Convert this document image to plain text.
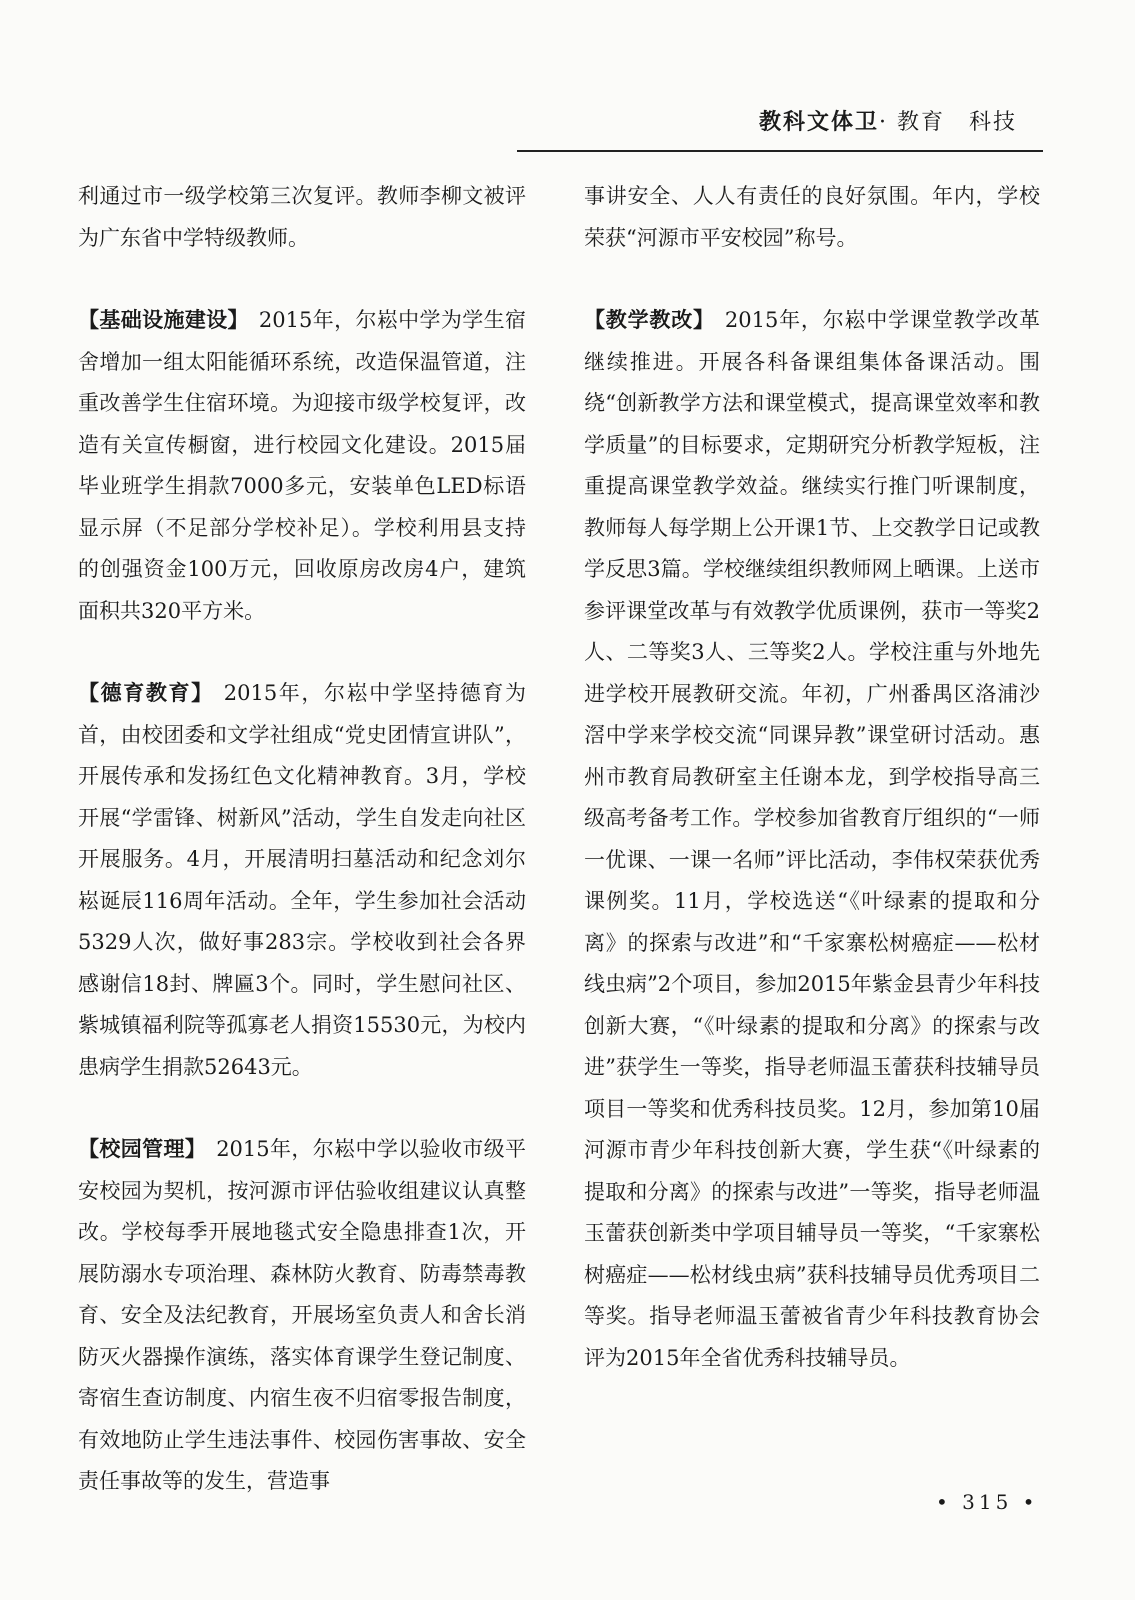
教科文体卫· 教育　科技

利通过市一级学校第三次复评。教师李柳文被评为广东省中学特级教师。

【基础设施建设】 2015年，尔崧中学为学生宿舍增加一组太阳能循环系统，改造保温管道，注重改善学生住宿环境。为迎接市级学校复评，改造有关宣传橱窗，进行校园文化建设。2015届毕业班学生捐款7000多元，安装单色LED标语显示屏（不足部分学校补足）。学校利用县支持的创强资金100万元，回收原房改房4户，建筑面积共320平方米。

【德育教育】 2015年，尔崧中学坚持德育为首，由校团委和文学社组成“党史团情宣讲队”，开展传承和发扬红色文化精神教育。3月，学校开展“学雷锋、树新风”活动，学生自发走向社区开展服务。4月，开展清明扫墓活动和纪念刘尔崧诞辰116周年活动。全年，学生参加社会活动5329人次，做好事283宗。学校收到社会各界感谢信18封、牌匾3个。同时，学生慰问社区、紫城镇福利院等孤寡老人捐资15530元，为校内患病学生捐款52643元。

【校园管理】 2015年，尔崧中学以验收市级平安校园为契机，按河源市评估验收组建议认真整改。学校每季开展地毯式安全隐患排查1次，开展防溺水专项治理、森林防火教育、防毒禁毒教育、安全及法纪教育，开展场室负责人和舍长消防灭火器操作演练，落实体育课学生登记制度、寄宿生查访制度、内宿生夜不归宿零报告制度，有效地防止学生违法事件、校园伤害事故、安全责任事故等的发生，营造事

事讲安全、人人有责任的良好氛围。年内，学校荣获“河源市平安校园”称号。

【教学教改】 2015年，尔崧中学课堂教学改革继续推进。开展各科备课组集体备课活动。围绕“创新教学方法和课堂模式，提高课堂效率和教学质量”的目标要求，定期研究分析教学短板，注重提高课堂教学效益。继续实行推门听课制度，教师每人每学期上公开课1节、上交教学日记或教学反思3篇。学校继续组织教师网上晒课。上送市参评课堂改革与有效教学优质课例，获市一等奖2人、二等奖3人、三等奖2人。学校注重与外地先进学校开展教研交流。年初，广州番禺区洛浦沙滘中学来学校交流“同课异教”课堂研讨活动。惠州市教育局教研室主任谢本龙，到学校指导高三级高考备考工作。学校参加省教育厅组织的“一师一优课、一课一名师”评比活动，李伟权荣获优秀课例奖。11月，学校选送“《叶绿素的提取和分离》的探索与改进”和“千家寨松树癌症——松材线虫病”2个项目，参加2015年紫金县青少年科技创新大赛，“《叶绿素的提取和分离》的探索与改进”获学生一等奖，指导老师温玉蕾获科技辅导员项目一等奖和优秀科技员奖。12月，参加第10届河源市青少年科技创新大赛，学生获“《叶绿素的提取和分离》的探索与改进”一等奖，指导老师温玉蕾获创新类中学项目辅导员一等奖，“千家寨松树癌症——松材线虫病”获科技辅导员优秀项目二等奖。指导老师温玉蕾被省青少年科技教育协会评为2015年全省优秀科技辅导员。

• 315 •
